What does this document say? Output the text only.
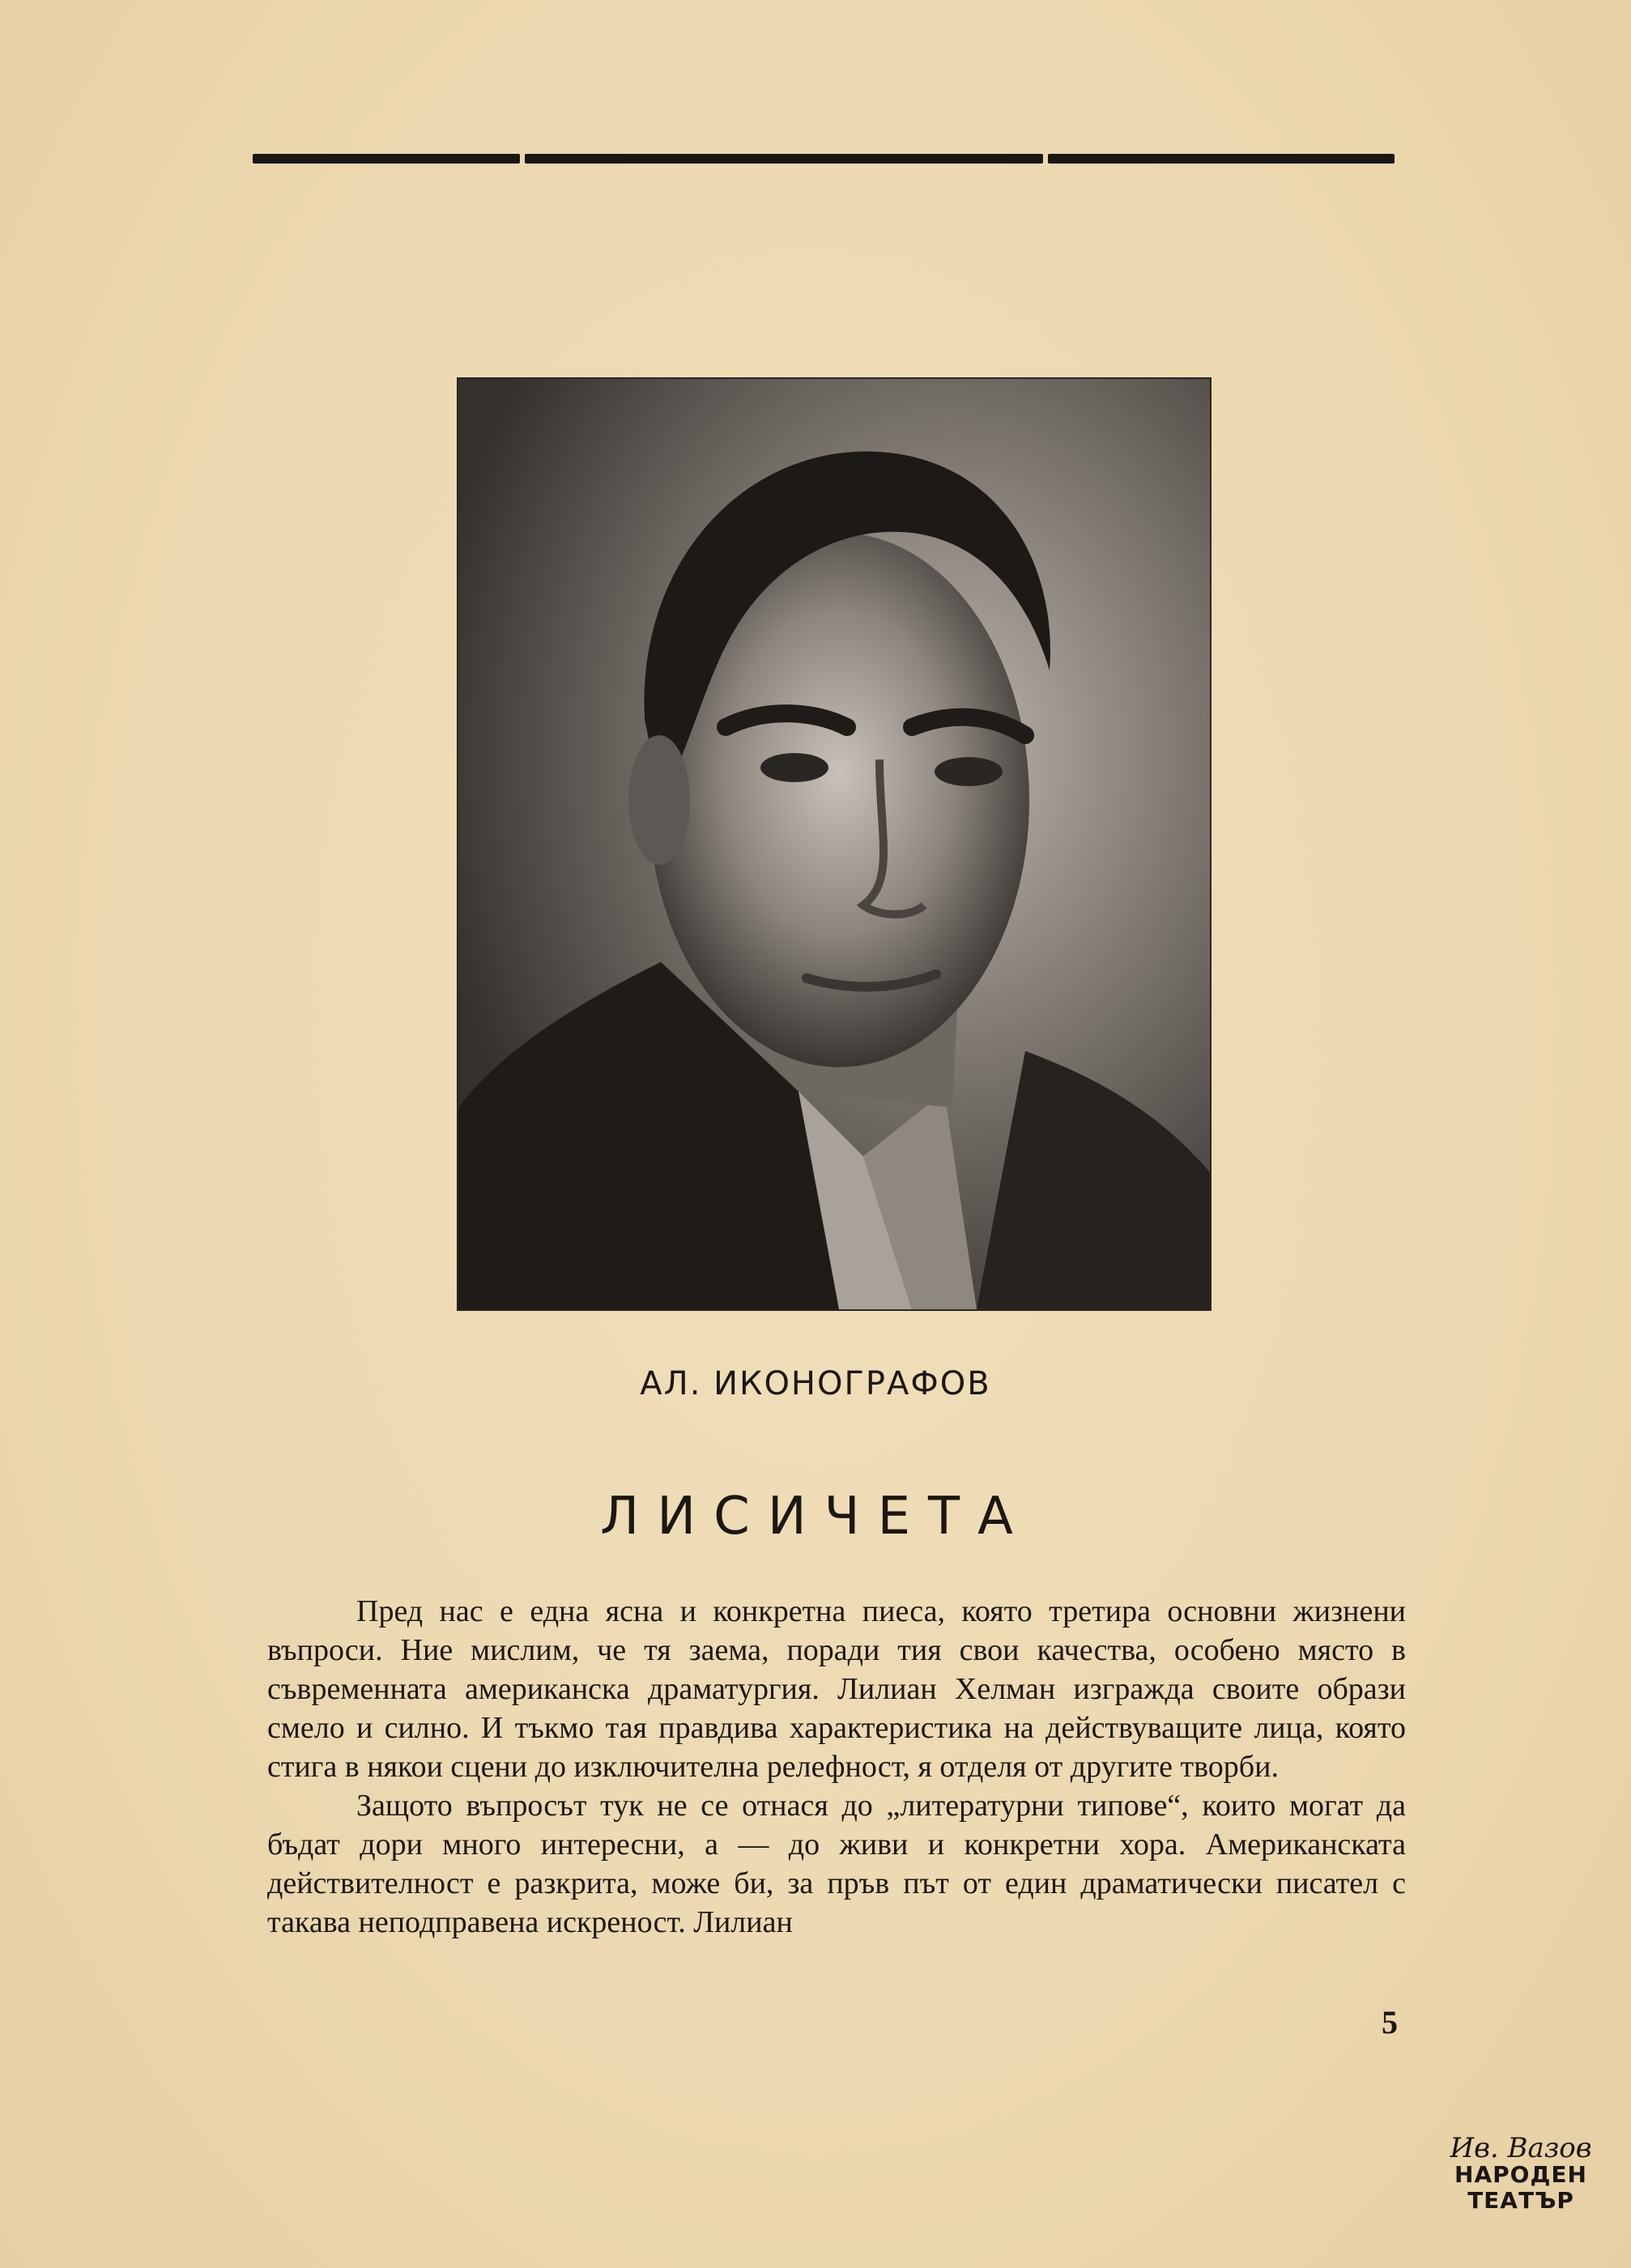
АЛ. ИКОНОГРАФОВ
ЛИСИЧЕТА

Пред нас е една ясна и конкретна пиеса, която третира основни жизнени въпроси. Ние мислим, че тя заема, поради тия свои качества, особено място в съвременната американска драматургия. Лилиан Хелман изгражда своите образи смело и силно. И тъкмо тая правдива характеристика на действуващите лица, която стига в някои сцени до изключителна релефност, я отделя от другите творби.

Защото въпросът тук не се отнася до „литературни типове“, които могат да бъдат дори много интересни, а — до живи и конкретни хора. Американската действителност е разкрита, може би, за пръв път от един драматически писател с такава неподправена искреност. Лилиан

5
Ив. Вазов
НАРОДЕН
ТЕАТЪР
